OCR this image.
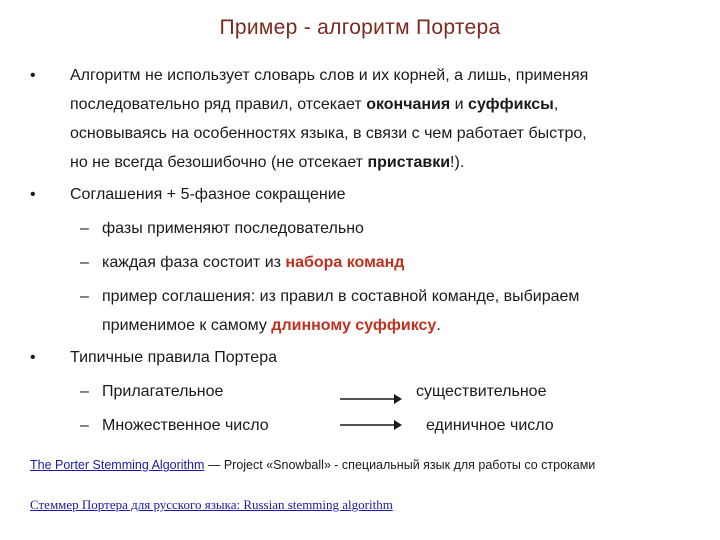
Пример - алгоритм Портера
• Алгоритм не использует словарь слов и их корней, а лишь, применяя
последовательно ряд правил, отсекает окончания и суффиксы,
основываясь на особенностях языка, в связи с чем работает быстро,
но не всегда безошибочно (не отсекает приставки!).
• Соглашения + 5-фазное сокращение
– фазы применяют последовательно
– каждая фаза состоит из набора команд
– пример соглашения: из правил в составной команде, выбираем
применимое к самому длинному суффиксу.
• Типичные правила Портера
– Прилагательное	существительное
– Множественное число	единичное число
The Porter Stemming Algorithm — Project «Snowball» - специальный язык для работы со строками
Стеммер Портера для русского языка: Russian stemming algorithm
